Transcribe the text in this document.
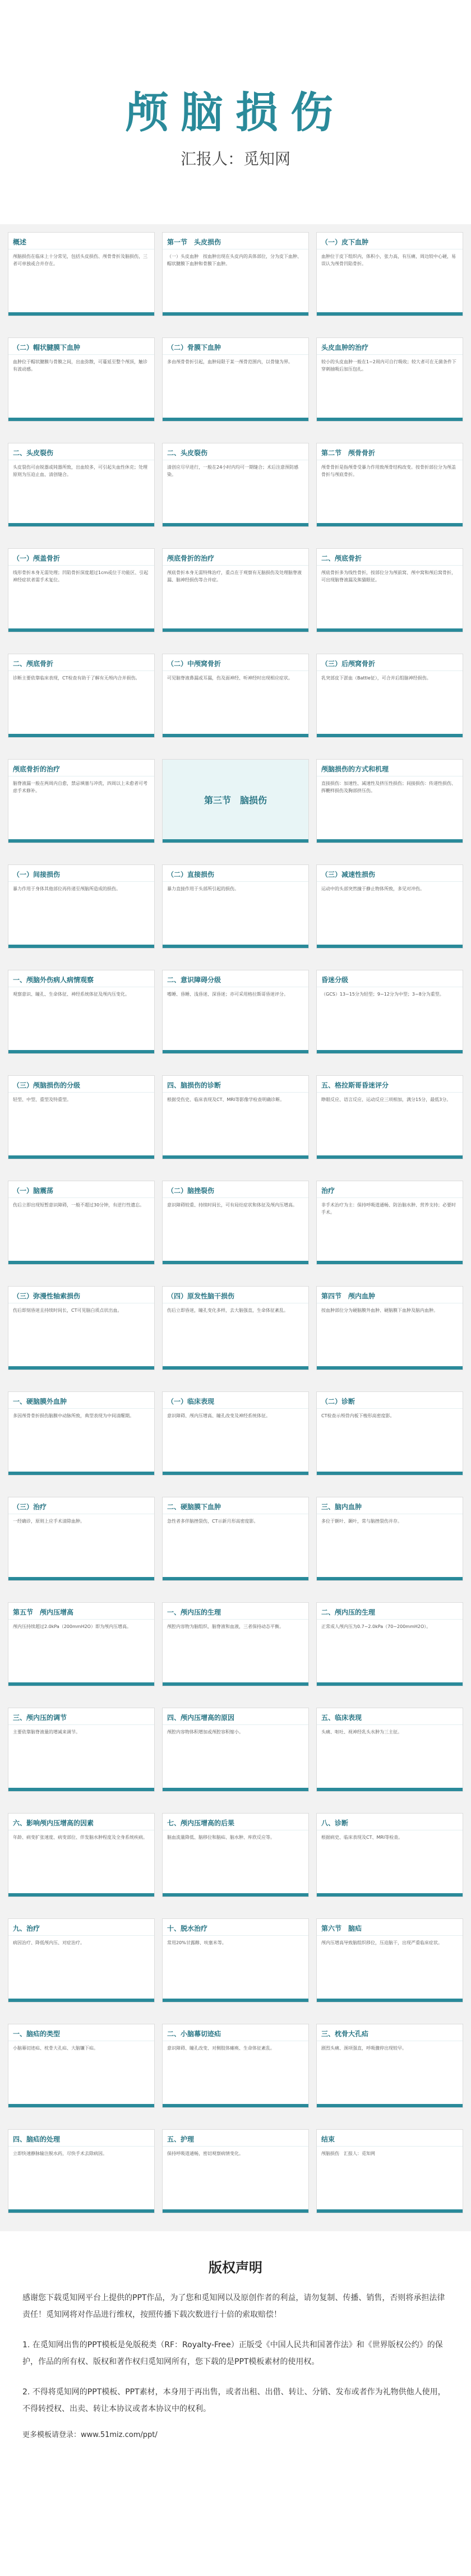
颅脑损伤
汇报人：觅知网
概述
颅脑损伤在临床上十分常见，包括头皮损伤、颅骨骨折及脑损伤，三者可单独或合并存在。
第一节　头皮损伤
（一）头皮血肿　按血肿出现在头皮内的具体部位，分为皮下血肿、帽状腱膜下血肿和骨膜下血肿。
（一）皮下血肿
血肿位于皮下组织内，体积小，张力高，有压痛，周边较中心硬，易误认为颅骨凹陷骨折。
（二）帽状腱膜下血肿
血肿位于帽状腱膜与骨膜之间，出血弥散，可蔓延至整个颅顶，触诊有波动感。
（二）骨膜下血肿
多由颅骨骨折引起，血肿局限于某一颅骨范围内，以骨缝为界。
头皮血肿的治疗
较小的头皮血肿一般在1~2周内可自行吸收；较大者可在无菌条件下穿刺抽吸后加压包扎。
二、头皮裂伤
头皮裂伤可由锐器或钝器所致，出血较多，可引起失血性休克；处理原则为压迫止血、清创缝合。
二、头皮裂伤
清创应尽早进行，一般在24小时内均可一期缝合；术后注意预防感染。
第二节　颅骨骨折
颅骨骨折是指颅骨受暴力作用致颅骨结构改变。按骨折部位分为颅盖骨折与颅底骨折。
（一）颅盖骨折
线形骨折本身无需处理；凹陷骨折深度超过1cm或位于功能区、引起神经症状者需手术复位。
颅底骨折的治疗
颅底骨折本身无需特殊治疗，重点在于观察有无脑损伤及处理脑脊液漏、脑神经损伤等合并症。
二、颅底骨折
颅底骨折多为线性骨折，按部位分为颅前窝、颅中窝和颅后窝骨折，可出现脑脊液漏及熊猫眼征。
二、颅底骨折
诊断主要依靠临床表现，CT检查有助于了解有无颅内合并损伤。
（二）中颅窝骨折
可见脑脊液鼻漏或耳漏，伤及面神经、听神经时出现相应症状。
（三）后颅窝骨折
乳突部皮下淤血（Battle征），可合并后组脑神经损伤。
颅底骨折的治疗
脑脊液漏一般在两周内自愈，禁忌填塞与冲洗，四周以上未愈者可考虑手术修补。
第三节　脑损伤
颅脑损伤的方式和机理
直接损伤：加速性、减速性及挤压性损伤；间接损伤：传递性损伤、挥鞭样损伤及胸部挤压伤。
（一）间接损伤
暴力作用于身体其他部位再传递至颅脑所造成的损伤。
（二）直接损伤
暴力直接作用于头部所引起的损伤。
（三）减速性损伤
运动中的头部突然撞于静止物体所致，多见对冲伤。
一、颅脑外伤病人病情观察
观察意识、瞳孔、生命体征、神经系统体征及颅内压变化。
二、意识障碍分级
嗜睡、昏睡、浅昏迷、深昏迷；亦可采用格拉斯哥昏迷评分。
昏迷分级
（GCS）13~15分为轻型；9~12分为中型；3~8分为重型。
（三）颅脑损伤的分级
轻型、中型、重型及特重型。
四、脑损伤的诊断
根据受伤史、临床表现及CT、MRI等影像学检查明确诊断。
五、格拉斯哥昏迷评分
睁眼反应、语言反应、运动反应三项相加，满分15分，最低3分。
（一）脑震荡
伤后立即出现短暂意识障碍，一般不超过30分钟，有逆行性遗忘。
（二）脑挫裂伤
意识障碍较重、持续时间长，可有局灶症状和体征及颅内压增高。
治疗
非手术治疗为主：保持呼吸道通畅、防治脑水肿、营养支持；必要时手术。
（三）弥漫性轴索损伤
伤后即刻昏迷且持续时间长，CT可见脑白质点状出血。
（四）原发性脑干损伤
伤后立即昏迷，瞳孔变化多样，去大脑强直，生命体征紊乱。
第四节　颅内血肿
按血肿部位分为硬脑膜外血肿、硬脑膜下血肿及脑内血肿。
一、硬脑膜外血肿
多因颅骨骨折损伤脑膜中动脉所致，典型表现为中间清醒期。
（一）临床表现
意识障碍、颅内压增高、瞳孔改变及神经系统体征。
（二）诊断
CT检查示颅骨内板下梭形高密度影。
（三）治疗
一经确诊，原则上应手术清除血肿。
二、硬脑膜下血肿
急性者多伴脑挫裂伤，CT示新月形高密度影。
三、脑内血肿
多位于额叶、颞叶，常与脑挫裂伤并存。
第五节　颅内压增高
颅内压持续超过2.0kPa（200mmH2O）即为颅内压增高。
一、颅内压的生理
颅腔内容物为脑组织、脑脊液和血液，三者保持动态平衡。
二、颅内压的生理
正常成人颅内压为0.7~2.0kPa（70~200mmH2O）。
三、颅内压的调节
主要依靠脑脊液量的增减来调节。
四、颅内压增高的原因
颅腔内容物体积增加或颅腔容积缩小。
五、临床表现
头痛、呕吐、视神经乳头水肿为三主征。
六、影响颅内压增高的因素
年龄、病变扩张速度、病变部位、伴发脑水肿程度及全身系统疾病。
七、颅内压增高的后果
脑血流量降低、脑移位和脑疝、脑水肿、库欣反应等。
八、诊断
根据病史、临床表现及CT、MRI等检查。
九、治疗
病因治疗、降低颅内压、对症治疗。
十、脱水治疗
常用20%甘露醇、呋塞米等。
第六节　脑疝
颅内压增高导致脑组织移位，压迫脑干，出现严重临床症状。
一、脑疝的类型
小脑幕切迹疝、枕骨大孔疝、大脑镰下疝。
二、小脑幕切迹疝
意识障碍、瞳孔改变、对侧肢体瘫痪、生命体征紊乱。
三、枕骨大孔疝
剧烈头痛、颈项强直，呼吸骤停出现较早。
四、脑疝的处理
立即快速静脉输注脱水药，尽快手术去除病因。
五、护理
保持呼吸道通畅，密切观察病情变化。
结束
颅脑损伤　汇报人：觅知网
版权声明

感谢您下载觅知网平台上提供的PPT作品，为了您和觅知网以及原创作者的利益，请勿复制、传播、销售，否则将承担法律责任！觅知网将对作品进行维权，按照传播下载次数进行十倍的索取赔偿！

1. 在觅知网出售的PPT模板是免版税类（RF：Royalty-Free）正版受《中国人民共和国著作法》和《世界版权公约》的保护，作品的所有权、版权和著作权归觅知网所有，您下载的是PPT模板素材的使用权。

2. 不得将觅知网的PPT模板、PPT素材，本身用于再出售，或者出租、出借、转让、分销、发布或者作为礼物供他人使用，不得转授权、出卖、转让本协议或者本协议中的权利。

更多模板请登录：www.51miz.com/ppt/
